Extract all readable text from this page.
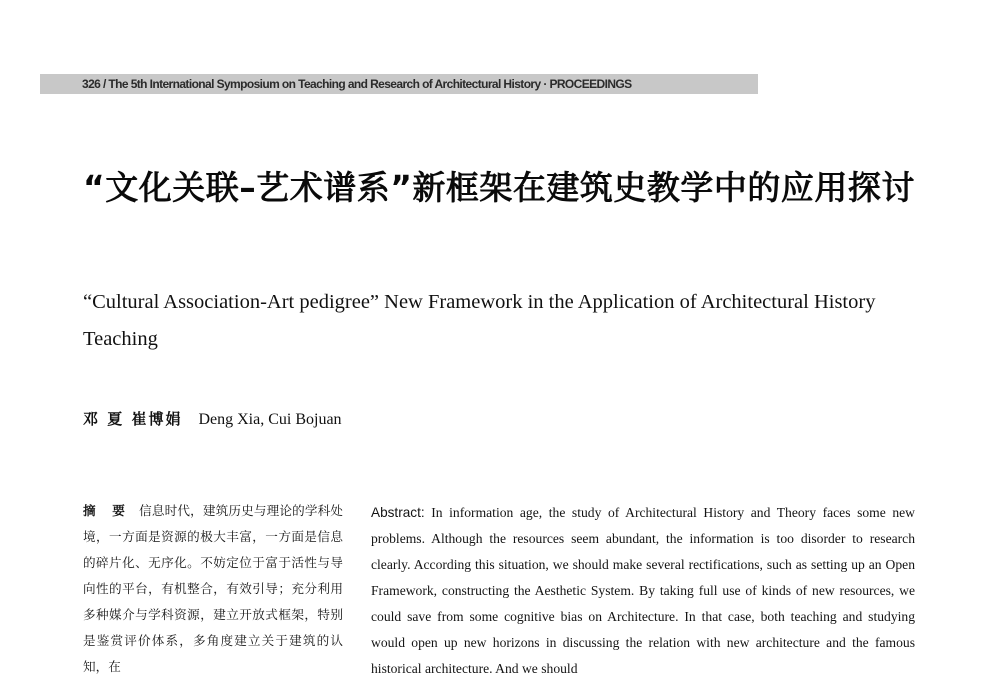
326 / The 5th International Symposium on Teaching and Research of Architectural History · PROCEEDINGS
“文化关联–艺术谱系”新框架在建筑史教学中的应用探讨
“Cultural Association-Art pedigree” New Framework in the Application of Architectural History Teaching
邓 夏 崔博娟 Deng Xia, Cui Bojuan
摘 要 信息时代，建筑历史与理论的学科处境，一方面是资源的极大丰富，一方面是信息的碎片化、无序化。不妨定位于富于活性与导向性的平台，有机整合，有效引导；充分利用多种媒介与学科资源，建立开放式框架，特别是鉴赏评价体系，多角度建立关于建筑的认知，在
Abstract: In information age, the study of Architectural History and Theory faces some new problems. Although the resources seem abundant, the information is too disorder to research clearly. According this situation, we should make several rectifications, such as setting up an Open Framework, constructing the Aesthetic System. By taking full use of kinds of new resources, we could save from some cognitive bias on Architecture. In that case, both teaching and studying would open up new horizons in discussing the relation with new architecture and the famous historical architecture. And we should
